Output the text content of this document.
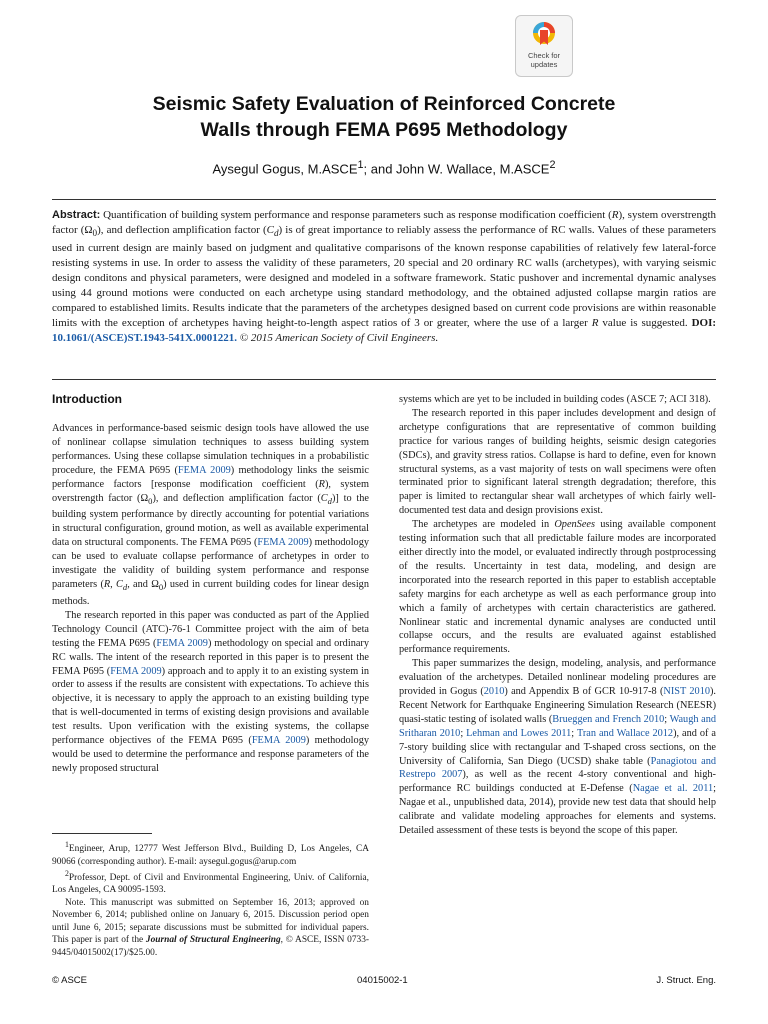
Check for
updates
Seismic Safety Evaluation of Reinforced Concrete
Walls through FEMA P695 Methodology
Aysegul Gogus, M.ASCE$^1$; and John W. Wallace, M.ASCE$^2$

Abstract: Quantification of building system performance and response parameters such as response modification coefficient (R), system overstrength factor $(\Omega_0)$, and deflection amplification factor $(C_d)$ is of great importance to reliably assess the performance of RC walls. Values of these parameters used in current design are mainly based on judgment and qualitative comparisons of the known response capabilities of relatively few lateral-force resisting systems in use. In order to assess the validity of these parameters, 20 special and 20 ordinary RC walls (archetypes), with varying seismic design conditons and physical parameters, were designed and modeled in a software framework. Static pushover and incremental dynamic analyses using 44 ground motions were conducted on each archetype using standard methodology, and the obtained adjusted collapse margin ratios are compared to established limits. Results indicate that the parameters of the archetypes designed based on current code provisions are within reasonable limits with the exception of archetypes having height-to-length aspect ratios of 3 or greater, where the use of a larger R value is suggested. DOI: 10.1061/(ASCE)ST.1943-541X.0001221. © 2015 American Society of Civil Engineers.

Introduction

Advances in performance-based seismic design tools have allowed the use of nonlinear collapse simulation techniques to assess building system performances. Using these collapse simulation techniques in a probabilistic procedure, the FEMA P695 (FEMA 2009) methodology links the seismic performance factors [response modification coefficient (R), system overstrength factor $(\Omega_0)$, and deflection amplification factor $(C_d)$] to the building system performance by directly accounting for potential variations in structural configuration, ground motion, as well as available experimental data on structural components. The FEMA P695 (FEMA 2009) methodology can be used to evaluate collapse performance of archetypes in order to investigate the validity of building system performance and response parameters (R, $C_d$, and $\Omega_0$) used in current building codes for linear design methods.

The research reported in this paper was conducted as part of the Applied Technology Council (ATC)-76-1 Committee project with the aim of beta testing the FEMA P695 (FEMA 2009) methodology on special and ordinary RC walls. The intent of the research reported in this paper is to present the FEMA P695 (FEMA 2009) approach and to apply it to an existing system in order to assess if the results are consistent with expectations. To achieve this objective, it is necessary to apply the approach to an existing building type that is well-documented in terms of existing design provisions and available test results. Upon verification with the existing systems, the collapse performance objectives of the FEMA P695 (FEMA 2009) methodology would be used to determine the performance and response parameters of the newly proposed structural

$^1$Engineer, Arup, 12777 West Jefferson Blvd., Building D, Los Angeles, CA 90066 (corresponding author). E-mail: aysegul.gogus@arup.com

$^2$Professor, Dept. of Civil and Environmental Engineering, Univ. of California, Los Angeles, CA 90095-1593.

Note. This manuscript was submitted on September 16, 2013; approved on November 6, 2014; published online on January 6, 2015. Discussion period open until June 6, 2015; separate discussions must be submitted for individual papers. This paper is part of the Journal of Structural Engineering, © ASCE, ISSN 0733-9445/04015002(17)/$25.00.

systems which are yet to be included in building codes (ASCE 7; ACI 318).

The research reported in this paper includes development and design of archetype configurations that are representative of common building practice for various ranges of building heights, seismic design categories (SDCs), and gravity stress ratios. Collapse is hard to define, even for known structural systems, as a vast majority of tests on wall specimens were often terminated prior to significant lateral strength degradation; therefore, this paper is limited to rectangular shear wall archetypes of which fairly well-documented test data and design provisions exist.

The archetypes are modeled in OpenSees using available component testing information such that all predictable failure modes are incorporated either directly into the model, or evaluated indirectly through postprocessing of the results. Uncertainty in test data, modeling, and design are incorporated into the research reported in this paper to establish acceptable safety margins for each archetype as well as each performance group into which a family of archetypes with certain characteristics are gathered. Nonlinear static and incremental dynamic analyses are conducted until collapse occurs, and the results are evaluated against established performance requirements.

This paper summarizes the design, modeling, analysis, and performance evaluation of the archetypes. Detailed nonlinear modeling procedures are provided in Gogus (2010) and Appendix B of GCR 10-917-8 (NIST 2010). Recent Network for Earthquake Engineering Simulation Research (NEESR) quasi-static testing of isolated walls (Brueggen and French 2010; Waugh and Sritharan 2010; Lehman and Lowes 2011; Tran and Wallace 2012), and of a 7-story building slice with rectangular and T-shaped cross sections, on the University of California, San Diego (UCSD) shake table (Panagiotou and Restrepo 2007), as well as the recent 4-story conventional and high-performance RC buildings conducted at E-Defense (Nagae et al. 2011; Nagae et al., unpublished data, 2014), provide new test data that should help calibrate and validate modeling approaches for elements and systems. Detailed assessment of these tests is beyond the scope of this paper.

© ASCE	04015002-1	J. Struct. Eng.
